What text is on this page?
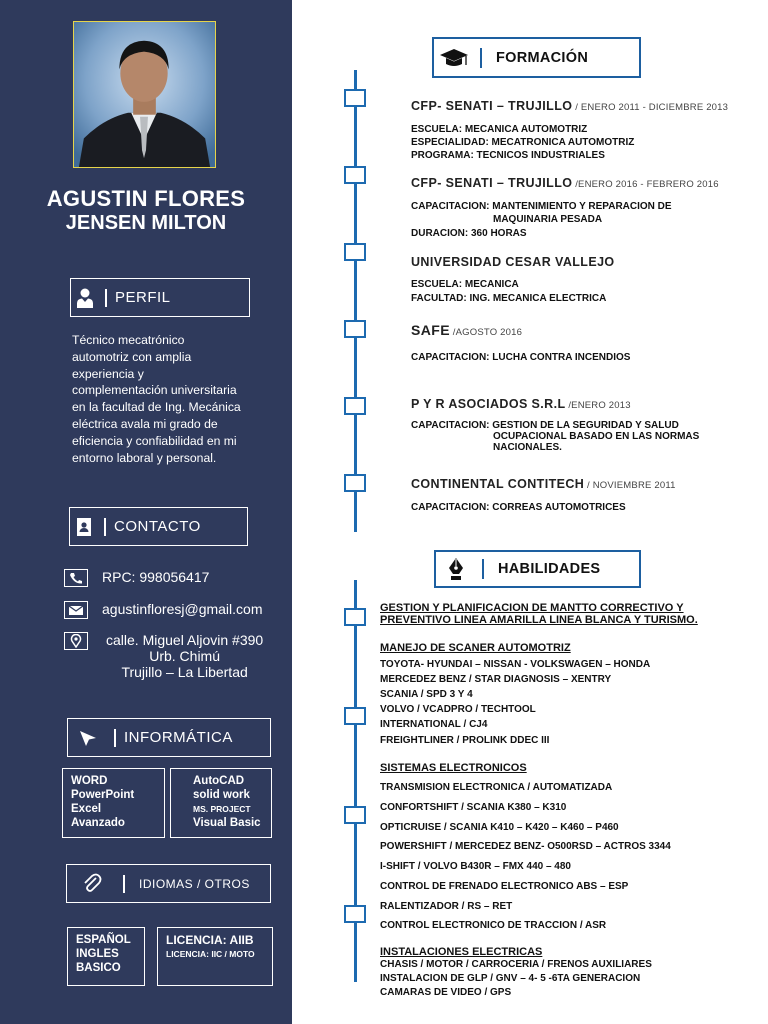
AGUSTIN FLORES
JENSEN MILTON
PERFIL
Técnico mecatrónico
automotriz con amplia
experiencia y
complementación universitaria
en la facultad de Ing. Mecánica
eléctrica avala mi grado de
eficiencia y confiabilidad en mi
entorno laboral y personal.
CONTACTO
RPC: 998056417
agustinfloresj@gmail.com
calle. Miguel Aljovin #390
Urb. Chimú
Trujillo – La Libertad
INFORMÁTICA
WORD
PowerPoint
Excel
Avanzado
AutoCAD
solid work
MS. PROJECT
Visual Basic
IDIOMAS / OTROS
ESPAÑOL
INGLES
BASICO
LICENCIA: AIIB
LICENCIA: IIC / MOTO
FORMACIÓN
CFP- SENATI – TRUJILLO / ENERO 2011 - DICIEMBRE 2013
ESCUELA: MECANICA AUTOMOTRIZ
ESPECIALIDAD: MECATRONICA AUTOMOTRIZ
PROGRAMA: TECNICOS INDUSTRIALES
CFP- SENATI – TRUJILLO /ENERO 2016 - FEBRERO 2016
CAPACITACION: MANTENIMIENTO Y REPARACION DE
MAQUINARIA PESADA
DURACION: 360 HORAS
UNIVERSIDAD CESAR VALLEJO
ESCUELA: MECANICA
FACULTAD: ING. MECANICA ELECTRICA
SAFE /AGOSTO 2016
CAPACITACION: LUCHA CONTRA INCENDIOS
P Y R ASOCIADOS S.R.L /ENERO 2013
CAPACITACION: GESTION DE LA SEGURIDAD Y SALUD
OCUPACIONAL BASADO EN LAS NORMAS
NACIONALES.
CONTINENTAL CONTITECH / NOVIEMBRE 2011
CAPACITACION: CORREAS AUTOMOTRICES
HABILIDADES
GESTION Y PLANIFICACION DE MANTTO CORRECTIVO Y
PREVENTIVO LINEA AMARILLA LINEA BLANCA Y TURISMO.
MANEJO DE SCANER AUTOMOTRIZ
TOYOTA- HYUNDAI – NISSAN - VOLKSWAGEN – HONDA
MERCEDEZ BENZ / STAR DIAGNOSIS – XENTRY
SCANIA / SPD 3 Y 4
VOLVO / VCADPRO / TECHTOOL
INTERNATIONAL / CJ4
FREIGHTLINER / PROLINK DDEC III
SISTEMAS ELECTRONICOS
TRANSMISION ELECTRONICA / AUTOMATIZADA
CONFORTSHIFT / SCANIA K380 – K310
OPTICRUISE / SCANIA K410 – K420 – K460 – P460
POWERSHIFT / MERCEDEZ BENZ- O500RSD – ACTROS 3344
I-SHIFT / VOLVO B430R – FMX 440 – 480
CONTROL DE FRENADO ELECTRONICO ABS – ESP
RALENTIZADOR / RS – RET
CONTROL ELECTRONICO DE TRACCION / ASR
INSTALACIONES ELECTRICAS
CHASIS / MOTOR / CARROCERIA / FRENOS AUXILIARES
INSTALACION DE GLP / GNV – 4- 5 -6TA GENERACION
CAMARAS DE VIDEO / GPS
